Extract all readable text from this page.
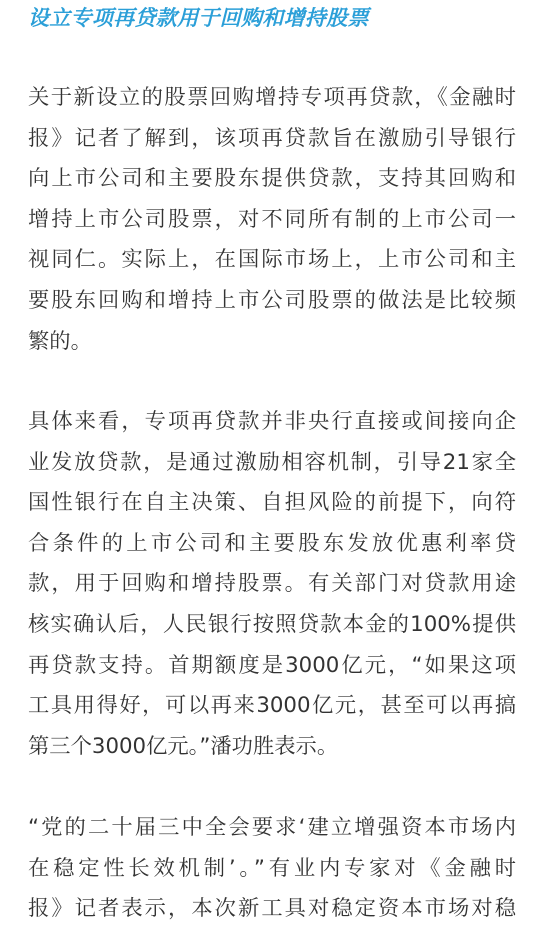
设立专项再贷款用于回购和增持股票

关于新设立的股票回购增持专项再贷款，《金融时
报》记者了解到，该项再贷款旨在激励引导银行
向上市公司和主要股东提供贷款，支持其回购和
增持上市公司股票，对不同所有制的上市公司一
视同仁。实际上，在国际市场上，上市公司和主
要股东回购和增持上市公司股票的做法是比较频
繁的。

具体来看，专项再贷款并非央行直接或间接向企
业发放贷款，是通过激励相容机制，引导21家全
国性银行在自主决策、自担风险的前提下，向符
合条件的上市公司和主要股东发放优惠利率贷
款，用于回购和增持股票。有关部门对贷款用途
核实确认后，人民银行按照贷款本金的100%提供
再贷款支持。首期额度是3000亿元，“如果这项
工具用得好，可以再来3000亿元，甚至可以再搞
第三个3000亿元。”潘功胜表示。

“党的二十届三中全会要求‘建立增强资本市场内
在稳定性长效机制’。”有业内专家对《金融时
报》记者表示，本次新工具对稳定资本市场对稳
